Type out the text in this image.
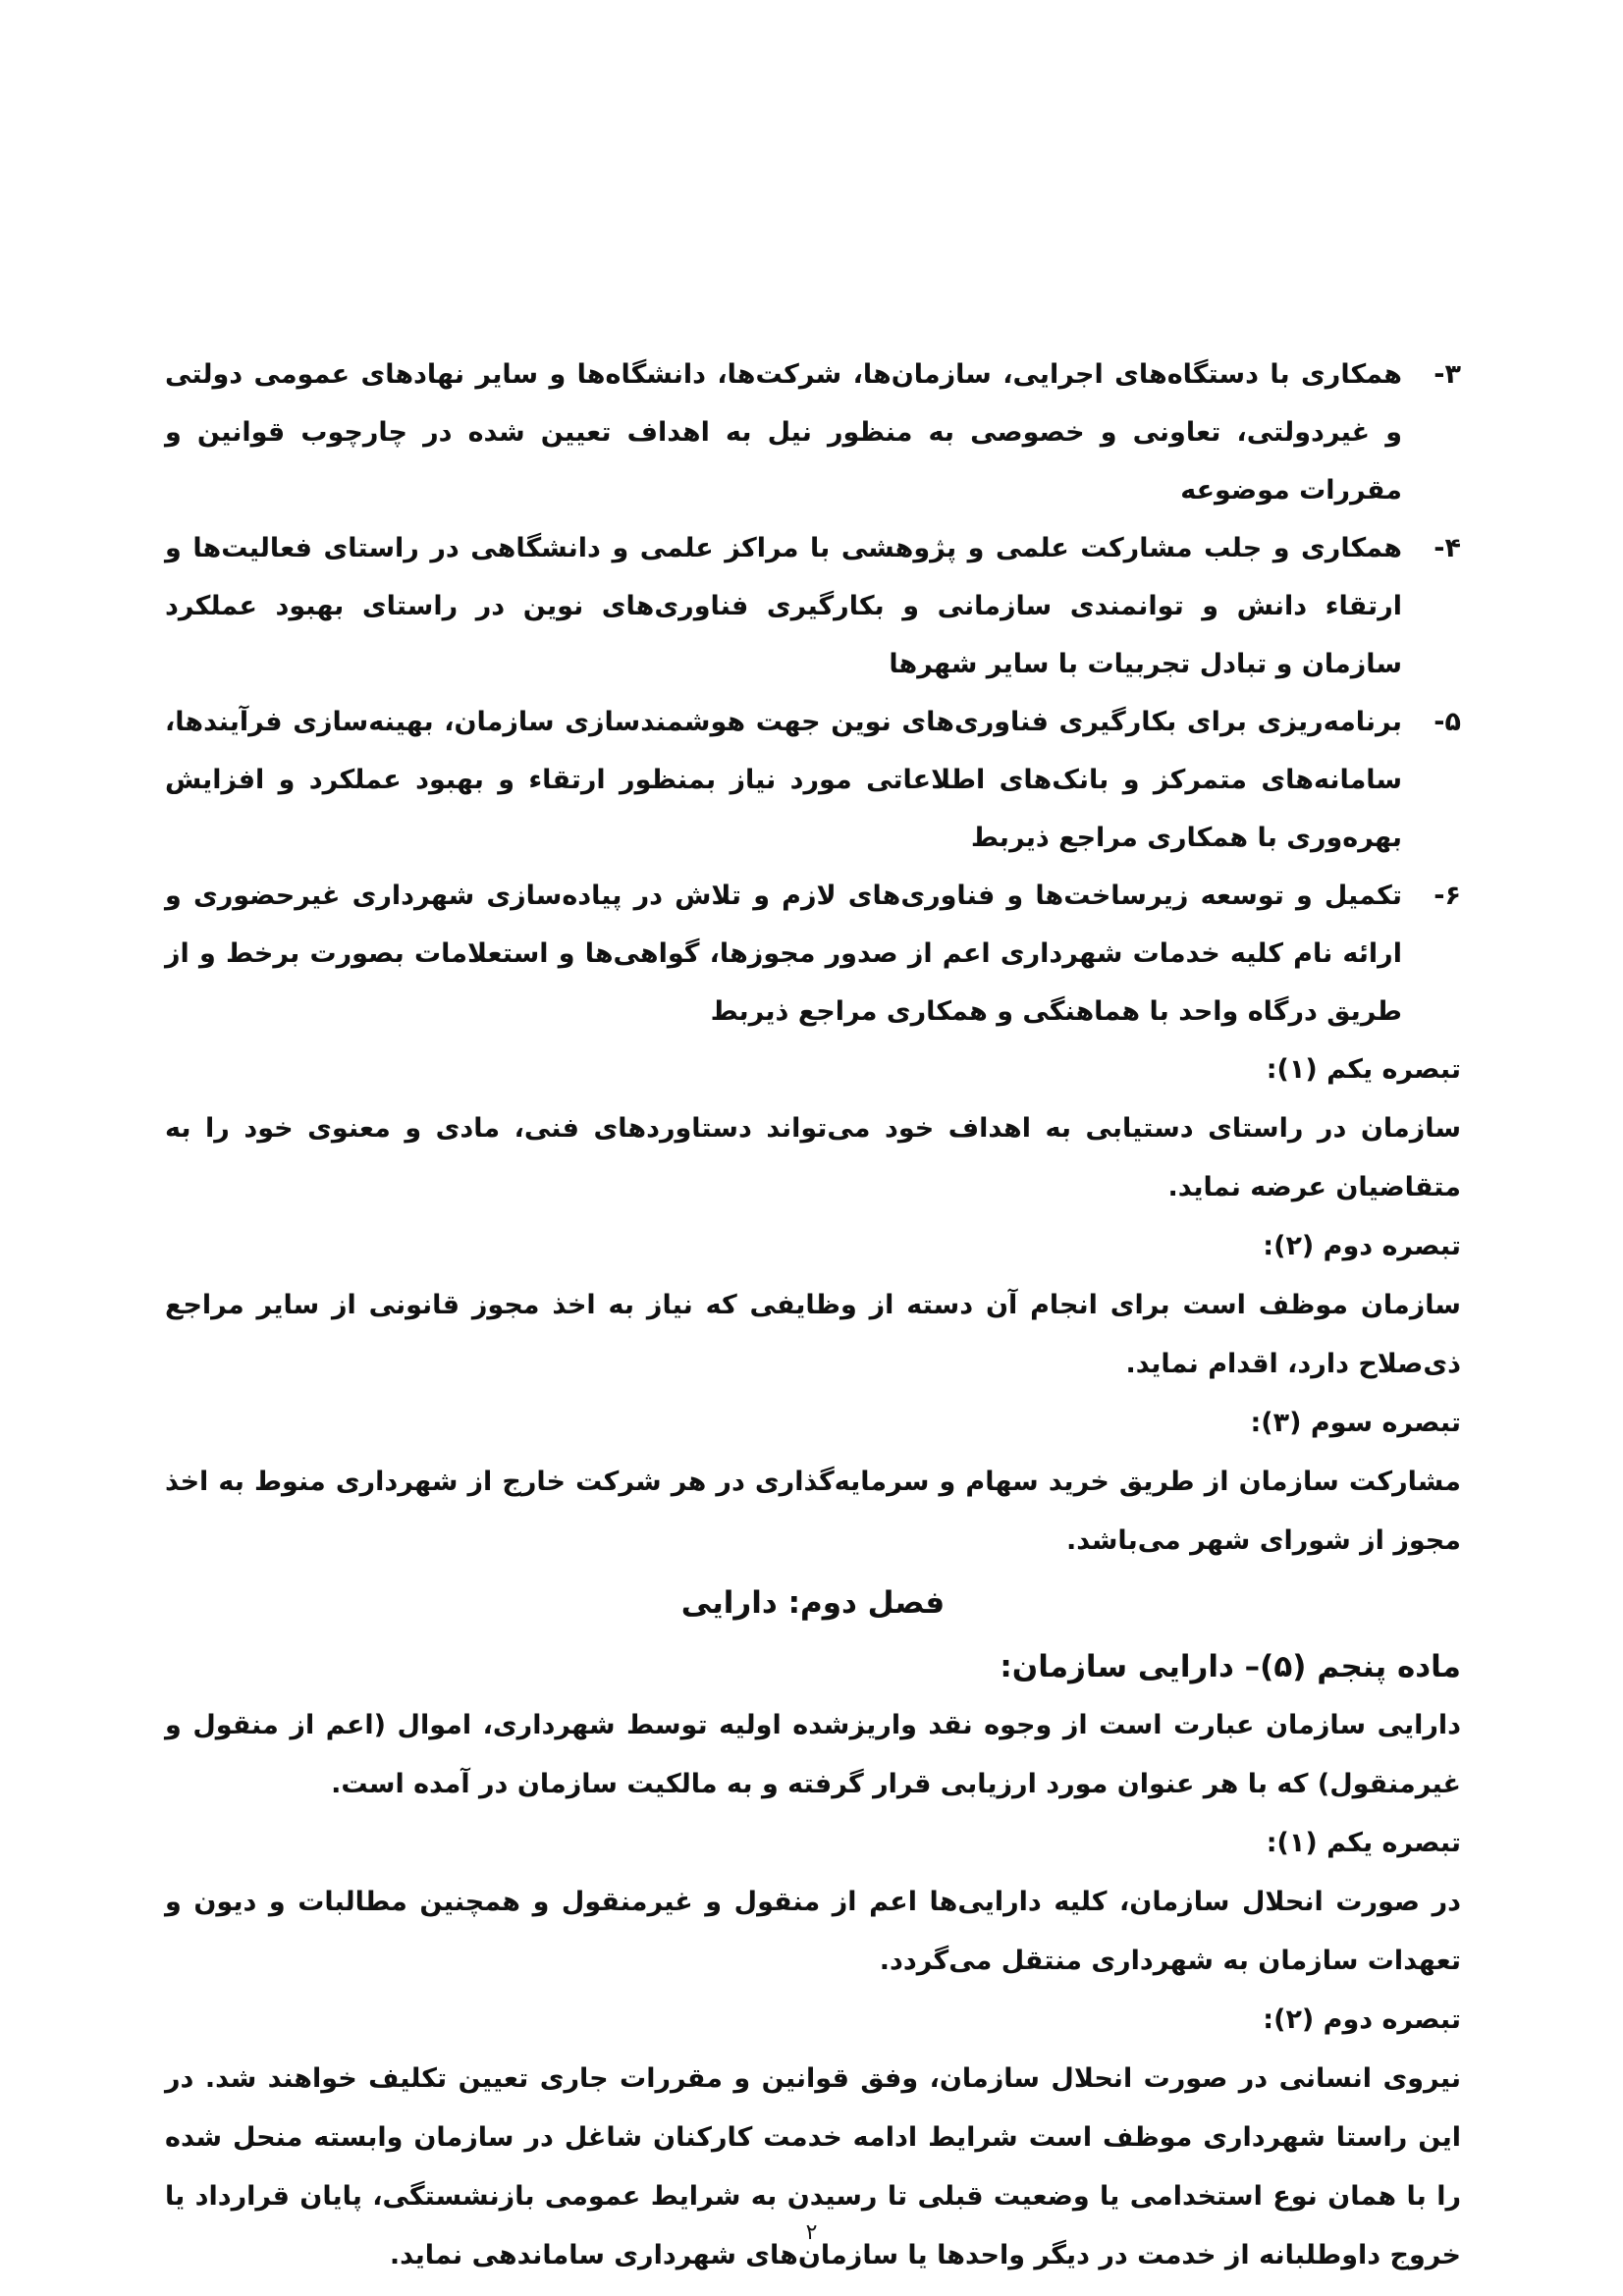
۳-
همکاری با دستگاه‌های اجرایی، سازمان‌ها، شرکت‌ها، دانشگاه‌ها و سایر نهادهای عمومی دولتی و غیردولتی، تعاونی و خصوصی به منظور نیل به اهداف تعیین شده در چارچوب قوانین و مقررات موضوعه
۴-
همکاری و جلب مشارکت علمی و پژوهشی با مراکز علمی و دانشگاهی در راستای فعالیت‌ها و ارتقاء دانش و توانمندی سازمانی و بکارگیری فناوری‌های نوین در راستای بهبود عملکرد سازمان و تبادل تجربیات با سایر شهرها
۵-
برنامه‌ریزی برای بکارگیری فناوری‌های نوین جهت هوشمندسازی سازمان، بهینه‌سازی فرآیندها، سامانه‌های متمرکز و بانک‌های اطلاعاتی مورد نیاز بمنظور ارتقاء و بهبود عملکرد و افزایش بهره‌وری با همکاری مراجع ذیربط
۶-
تکمیل و توسعه زیرساخت‌ها و فناوری‌های لازم و تلاش در پیاده‌سازی شهرداری غیرحضوری و ارائه نام کلیه خدمات شهرداری اعم از صدور مجوزها، گواهی‌ها و استعلامات بصورت برخط و از طریق درگاه واحد با هماهنگی و همکاری مراجع ذیربط

تبصره یکم (۱):

سازمان در راستای دستیابی به اهداف خود می‌تواند دستاوردهای فنی، مادی و معنوی خود را به متقاضیان عرضه نماید.

تبصره دوم (۲):

سازمان موظف است برای انجام آن دسته از وظایفی که نیاز به اخذ مجوز قانونی از سایر مراجع ذی‌صلاح دارد، اقدام نماید.

تبصره سوم (۳):

مشارکت سازمان از طریق خرید سهام و سرمایه‌گذاری در هر شرکت خارج از شهرداری منوط به اخذ مجوز از شورای شهر می‌باشد.

فصل دوم: دارایی
ماده پنجم (۵)– دارایی سازمان:

دارایی سازمان عبارت است از وجوه نقد واریزشده اولیه توسط شهرداری، اموال (اعم از منقول و غیرمنقول) که با هر عنوان مورد ارزیابی قرار گرفته و به مالکیت سازمان در آمده است.

تبصره یکم (۱):

در صورت انحلال سازمان، کلیه دارایی‌ها اعم از منقول و غیرمنقول و همچنین مطالبات و دیون و تعهدات سازمان به شهرداری منتقل می‌گردد.

تبصره دوم (۲):

نیروی انسانی در صورت انحلال سازمان، وفق قوانین و مقررات جاری تعیین تکلیف خواهند شد. در این راستا شهرداری موظف است شرایط ادامه خدمت کارکنان شاغل در سازمان وابسته منحل شده را با همان نوع استخدامی یا وضعیت قبلی تا رسیدن به شرایط عمومی بازنشستگی، پایان قرارداد یا خروج داوطلبانه از خدمت در دیگر واحدها یا سازمان‌های شهرداری ساماندهی نماید.

۲
